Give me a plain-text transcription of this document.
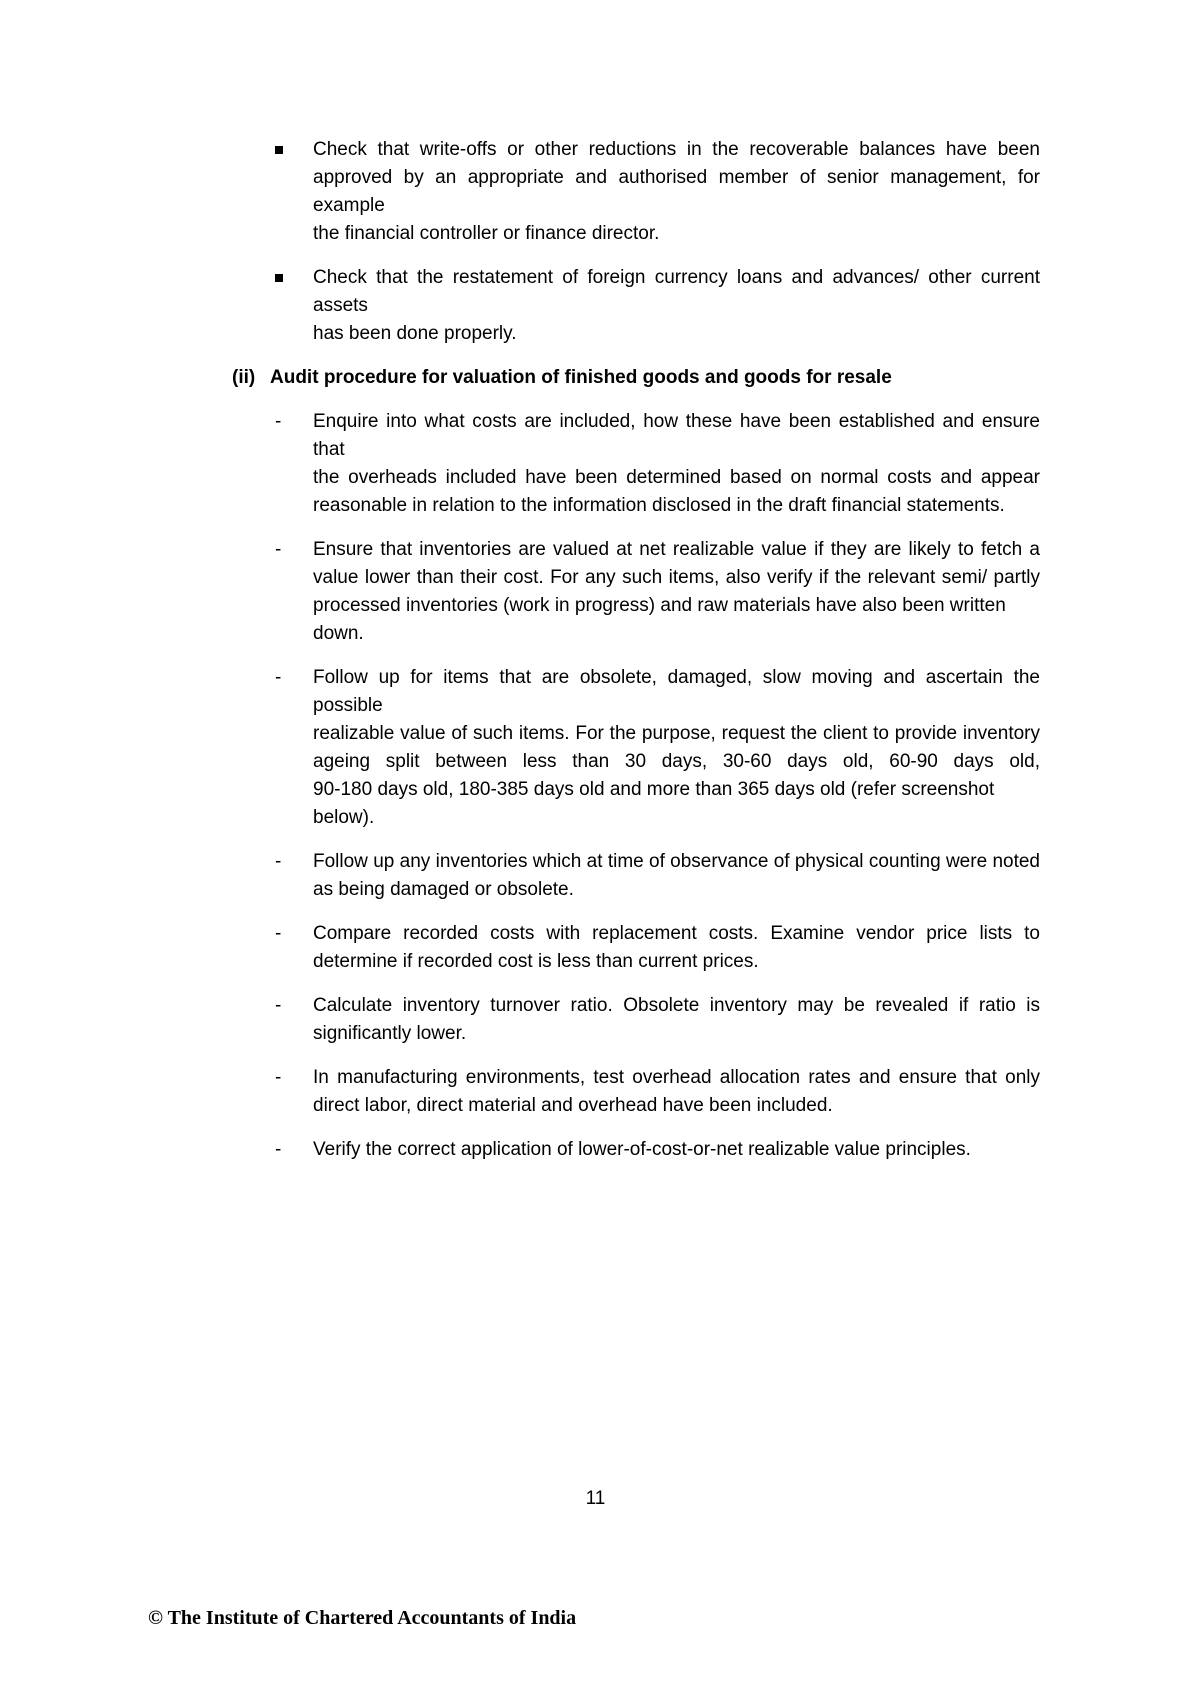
Check that write-offs or other reductions in the recoverable balances have been
approved by an appropriate and authorised member of senior management, for example
the financial controller or finance director.
Check that the restatement of foreign currency loans and advances/ other current assets
has been done properly.
(ii) Audit procedure for valuation of finished goods and goods for resale
-	Enquire into what costs are included, how these have been established and ensure that
the overheads included have been determined based on normal costs and appear
reasonable in relation to the information disclosed in the draft financial statements.
-	Ensure that inventories are valued at net realizable value if they are likely to fetch a
value lower than their cost. For any such items, also verify if the relevant semi/ partly
processed inventories (work in progress) and raw materials have also been written down.
-	Follow up for items that are obsolete, damaged, slow moving and ascertain the possible
realizable value of such items. For the purpose, request the client to provide inventory
ageing split between less than 30 days, 30-60 days old, 60-90 days old,
90-180 days old, 180-385 days old and more than 365 days old (refer screenshot below).
-	Follow up any inventories which at time of observance of physical counting were noted
as being damaged or obsolete.
-	Compare recorded costs with replacement costs. Examine vendor price lists to
determine if recorded cost is less than current prices.
-	Calculate inventory turnover ratio. Obsolete inventory may be revealed if ratio is
significantly lower.
-	In manufacturing environments, test overhead allocation rates and ensure that only
direct labor, direct material and overhead have been included.
-	Verify the correct application of lower-of-cost-or-net realizable value principles.
11
© The Institute of Chartered Accountants of India
